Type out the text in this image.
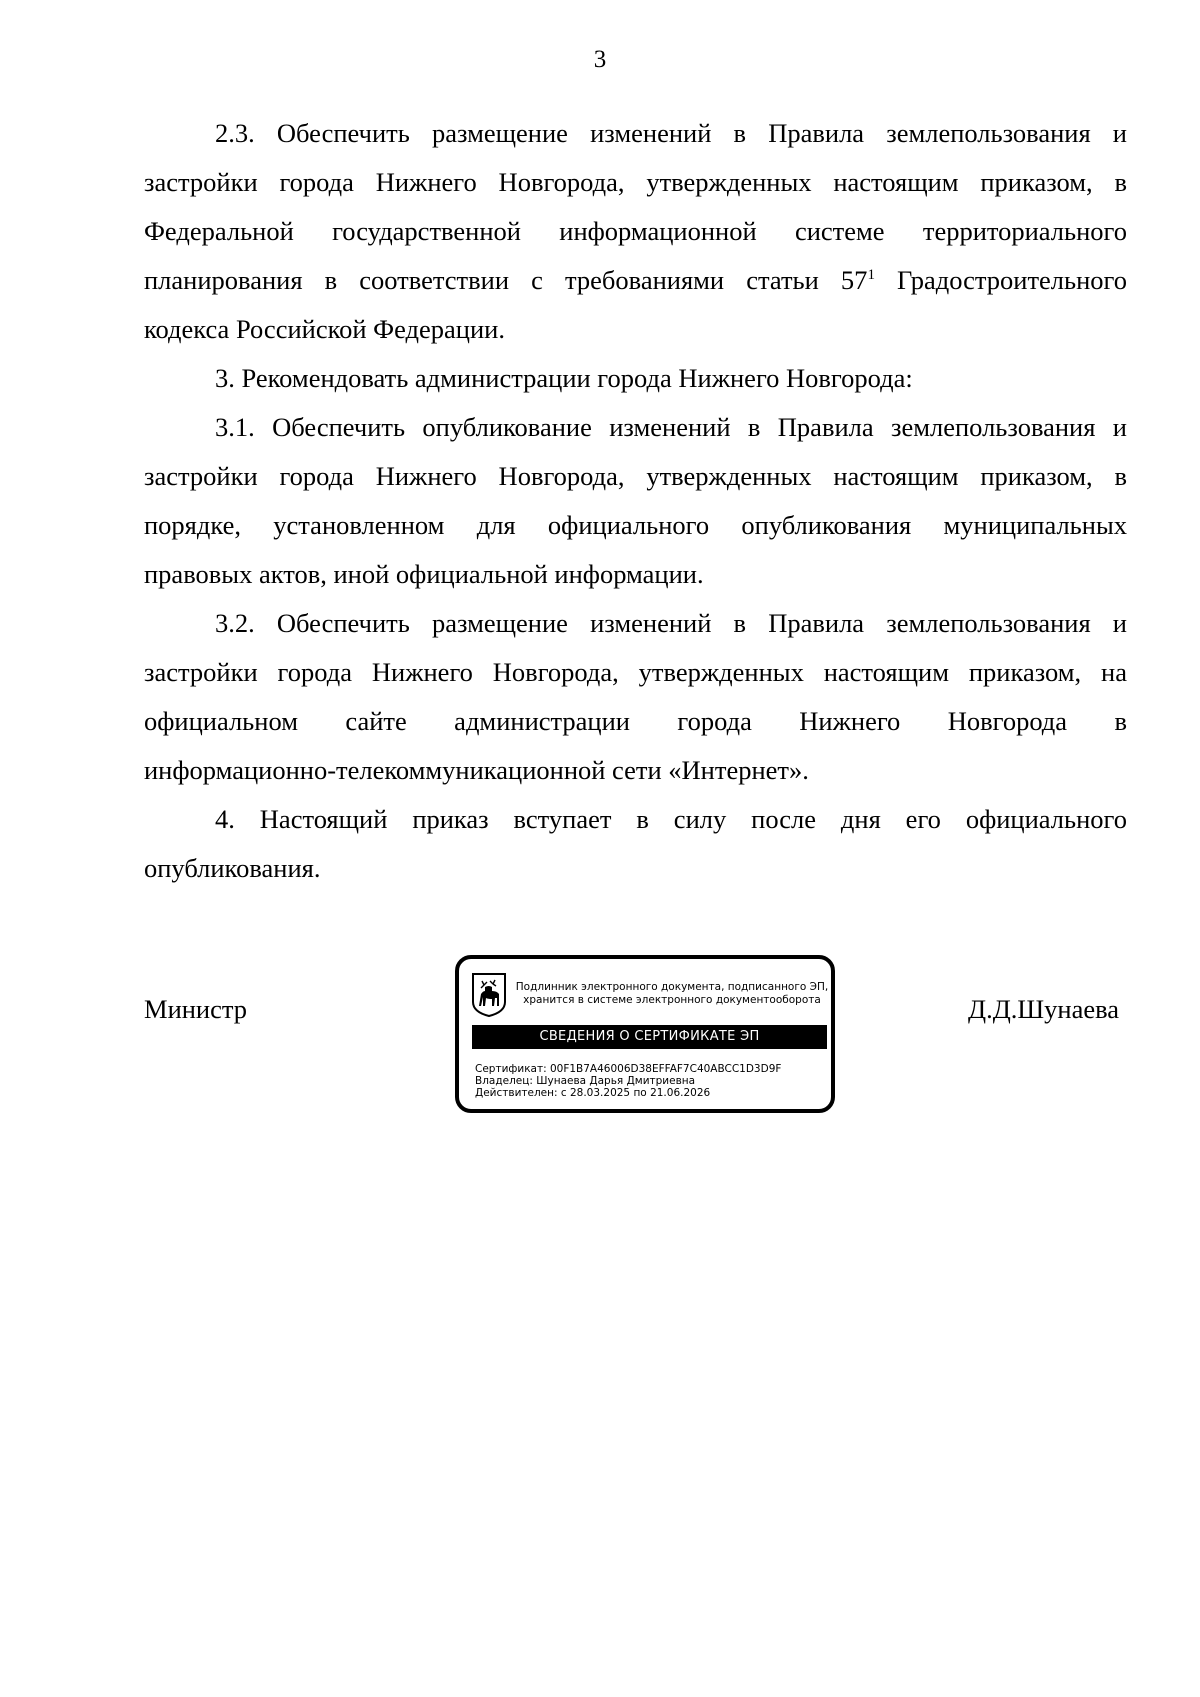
3
2.3. Обеспечить размещение изменений в Правила землепользования и
застройки города Нижнего Новгорода, утвержденных настоящим приказом, в
Федеральной государственной информационной системе территориального
планирования в соответствии с требованиями статьи $57^1$ Градостроительного
кодекса Российской Федерации.
3. Рекомендовать администрации города Нижнего Новгорода:
3.1. Обеспечить опубликование изменений в Правила землепользования и
застройки города Нижнего Новгорода, утвержденных настоящим приказом, в
порядке, установленном для официального опубликования муниципальных
правовых актов, иной официальной информации.
3.2. Обеспечить размещение изменений в Правила землепользования и
застройки города Нижнего Новгорода, утвержденных настоящим приказом, на
официальном сайте администрации города Нижнего Новгорода в
информационно-телекоммуникационной сети «Интернет».
4. Настоящий приказ вступает в силу после дня его официального
опубликования.
Министр	Д.Д.Шунаева
Подлинник электронного документа, подписанного ЭП,
хранится в системе электронного документооборота
СВЕДЕНИЯ О СЕРТИФИКАТЕ ЭП
Сертификат: 00F1B7A46006D38EFFAF7C40ABCC1D3D9F
Владелец: Шунаева Дарья Дмитриевна
Действителен: с 28.03.2025 по 21.06.2026
